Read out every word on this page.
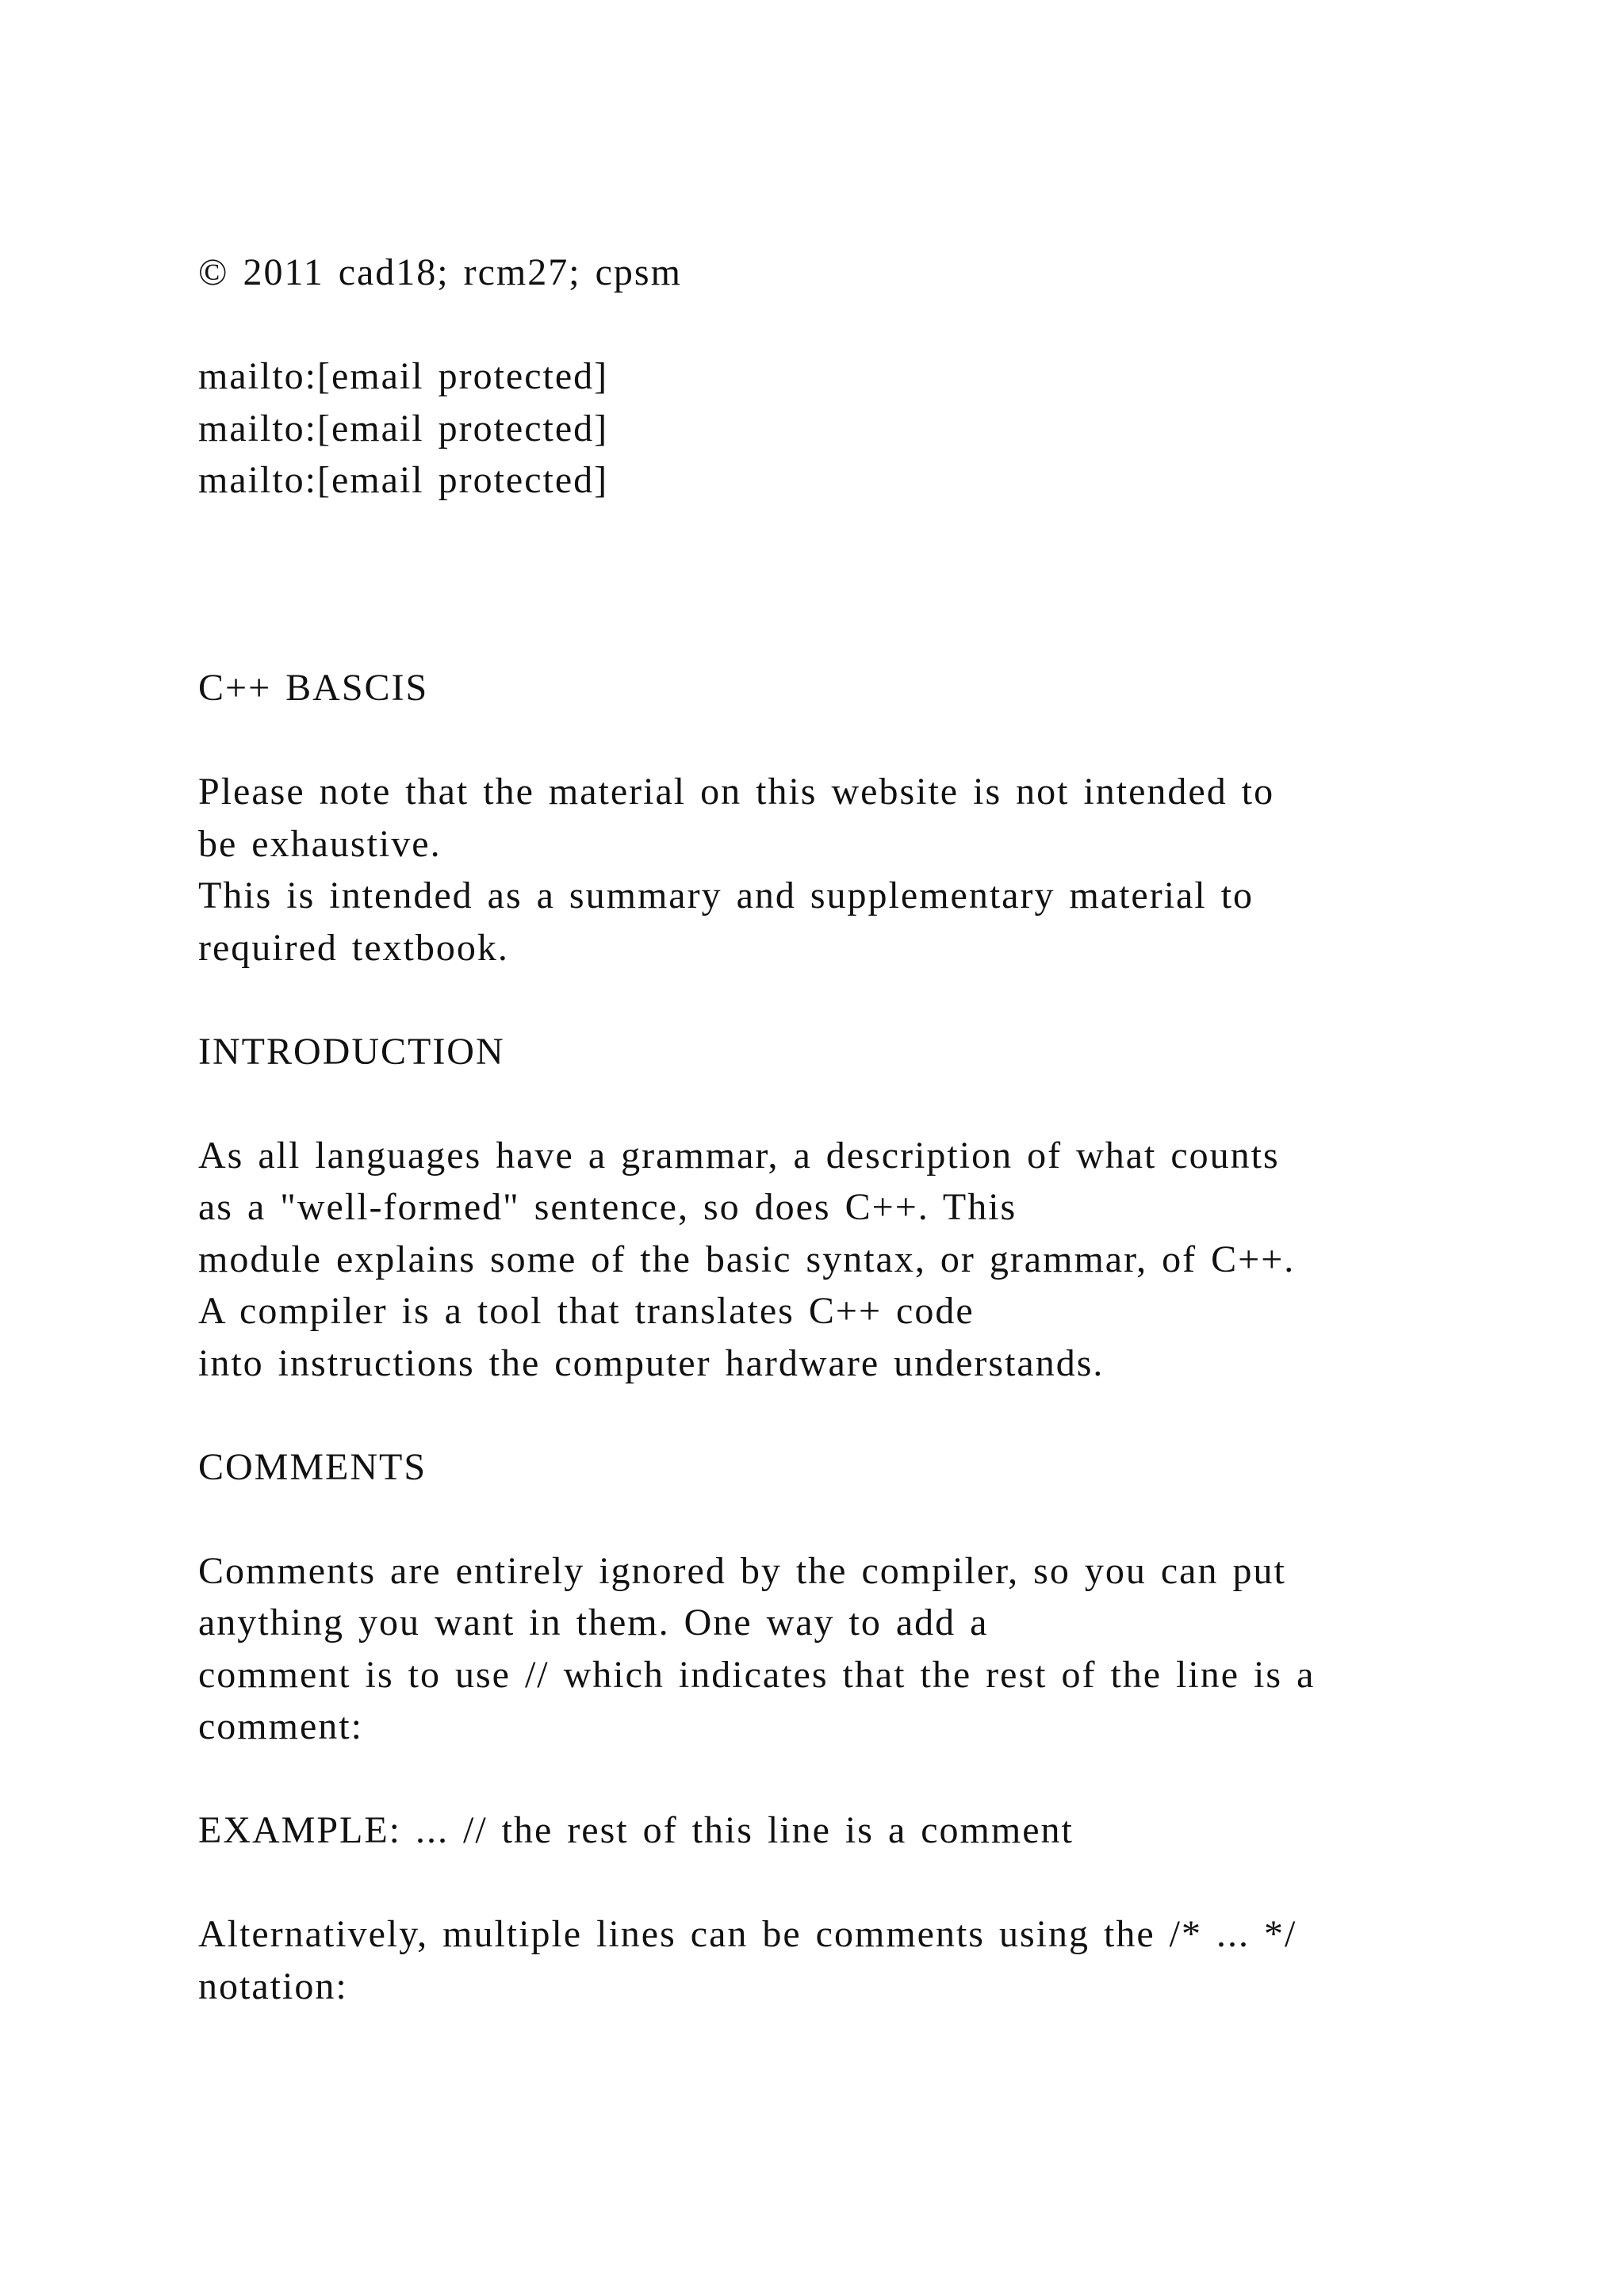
© 2011 cad18; rcm27; cpsm
mailto:[email protected]
mailto:[email protected]
mailto:[email protected]
C++ BASCIS
Please note that the material on this website is not intended to
be exhaustive.
This is intended as a summary and supplementary material to
required textbook.
INTRODUCTION
As all languages have a grammar, a description of what counts
as a "well-formed" sentence, so does C++. This
module explains some of the basic syntax, or grammar, of C++.
A compiler is a tool that translates C++ code
into instructions the computer hardware understands.
COMMENTS
Comments are entirely ignored by the compiler, so you can put
anything you want in them. One way to add a
comment is to use // which indicates that the rest of the line is a
comment:
EXAMPLE: ... // the rest of this line is a comment
Alternatively, multiple lines can be comments using the /* ... */
notation:
